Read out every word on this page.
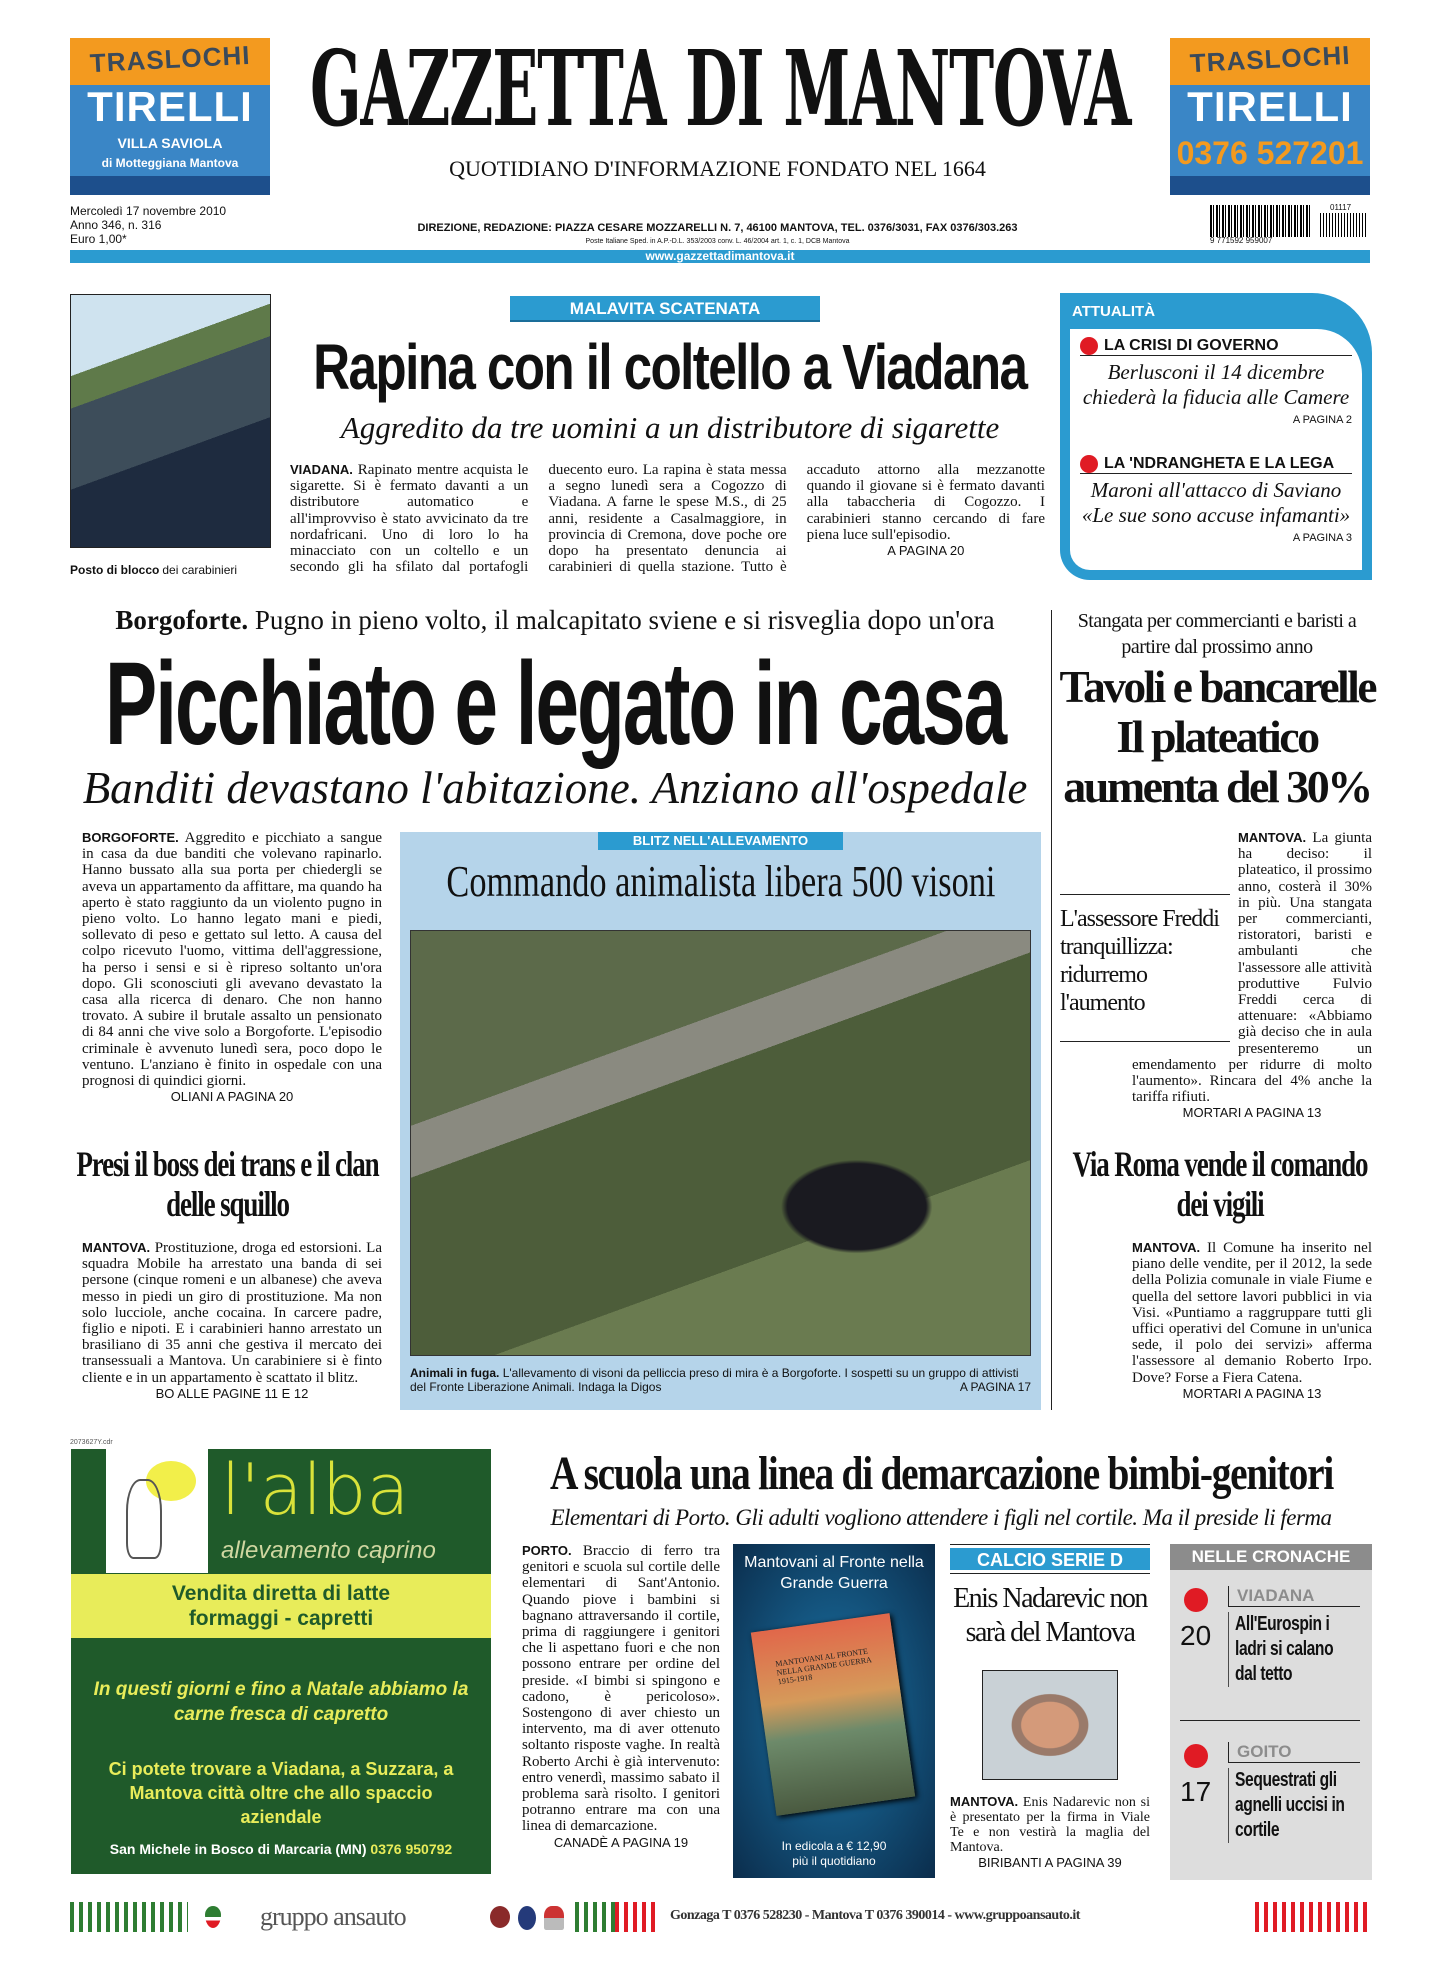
TRASLOCHI
TIRELLI
VILLA SAVIOLA
di Motteggiana Mantova
GAZZETTA DI MANTOVA
QUOTIDIANO D'INFORMAZIONE FONDATO NEL 1664
TRASLOCHI
TIRELLI
0376 527201
Mercoledì 17 novembre 2010
Anno 346, n. 316
Euro 1,00*
DIREZIONE, REDAZIONE: PIAZZA CESARE MOZZARELLI N. 7, 46100 MANTOVA, TEL. 0376/3031, FAX 0376/303.263
Poste Italiane Sped. in A.P.-D.L. 353/2003 conv. L. 46/2004 art. 1, c. 1, DCB Mantova	9 771592 959007
01117
www.gazzettadimantova.it
Posto di blocco dei carabinieri
MALAVITA SCATENATA
Rapina con il coltello a Viadana
Aggredito da tre uomini a un distributore di sigarette
VIADANA. Rapinato mentre acquista le sigarette. Si è fermato davanti a un distributore automatico e all'improvviso è stato avvicinato da tre nordafricani. Uno di loro lo ha minacciato con un coltello e un secondo gli ha sfilato dal portafogli duecento euro. La rapina è stata messa a segno lunedì sera a Cogozzo di Viadana. A farne le spese M.S., di 25 anni, residente a Casalmaggiore, in provincia di Cremona, dove poche ore dopo ha presentato denuncia ai carabinieri di quella stazione. Tutto è accaduto attorno alla mezzanotte quando il giovane si è fermato davanti alla tabaccheria di Cogozzo. I carabinieri stanno cercando di fare piena luce sull'episodio.
A PAGINA 20
ATTUALITÀ
LA CRISI DI GOVERNO
Berlusconi il 14 dicembre chiederà la fiducia alle Camere
A PAGINA 2
LA 'NDRANGHETA E LA LEGA
Maroni all'attacco di Saviano «Le sue sono accuse infamanti»
A PAGINA 3
Borgoforte. Pugno in pieno volto, il malcapitato sviene e si risveglia dopo un'ora
Picchiato e legato in casa
Banditi devastano l'abitazione. Anziano all'ospedale
BORGOFORTE. Aggredito e picchiato a sangue in casa da due banditi che volevano rapinarlo. Hanno bussato alla sua porta per chiedergli se aveva un appartamento da affittare, ma quando ha aperto è stato raggiunto da un violento pugno in pieno volto. Lo hanno legato mani e piedi, sollevato di peso e gettato sul letto. A causa del colpo ricevuto l'uomo, vittima dell'aggressione, ha perso i sensi e si è ripreso soltanto un'ora dopo. Gli sconosciuti gli avevano devastato la casa alla ricerca di denaro. Che non hanno trovato. A subire il brutale assalto un pensionato di 84 anni che vive solo a Borgoforte. L'episodio criminale è avvenuto lunedì sera, poco dopo le ventuno. L'anziano è finito in ospedale con una prognosi di quindici giorni.
OLIANI A PAGINA 20
BLITZ NELL'ALLEVAMENTO
Commando animalista libera 500 visoni
Animali in fuga. L'allevamento di visoni da pelliccia preso di mira è a Borgoforte. I sospetti su un gruppo di attivisti del Fronte Liberazione Animali. Indaga la Digos	A PAGINA 17
Stangata per commercianti e baristi a partire dal prossimo anno
Tavoli e bancarelle
Il plateatico
aumenta del 30%
L'assessore Freddi tranquillizza: ridurremo l'aumento
MANTOVA. La giunta ha deciso: il plateatico, il prossimo anno, costerà il 30% in più. Una stangata per commercianti, ristoratori, baristi e ambulanti che l'assessore alle attività produttive Fulvio Freddi cerca di attenuare: «Abbiamo già deciso che in aula presenteremo un emendamento per ridurre di molto l'aumento». Rincara del 4% anche la tariffa rifiuti.
MORTARI A PAGINA 13
Presi il boss dei trans e il clan delle squillo
MANTOVA. Prostituzione, droga ed estorsioni. La squadra Mobile ha arrestato una banda di sei persone (cinque romeni e un albanese) che aveva messo in piedi un giro di prostituzione. Ma non solo lucciole, anche cocaina. In carcere padre, figlio e nipoti. E i carabinieri hanno arrestato un brasiliano di 35 anni che gestiva il mercato dei transessuali a Mantova. Un carabiniere si è finto cliente e in un appartamento è scattato il blitz.
BO ALLE PAGINE 11 E 12
Via Roma vende il comando dei vigili
MANTOVA. Il Comune ha inserito nel piano delle vendite, per il 2012, la sede della Polizia comunale in viale Fiume e quella del settore lavori pubblici in via Visi. «Puntiamo a raggruppare tutti gli uffici operativi del Comune in un'unica sede, il polo dei servizi» afferma l'assessore al demanio Roberto Irpo. Dove? Forse a Fiera Catena.
MORTARI A PAGINA 13
2073627Y.cdr
l'alba
allevamento caprino
Vendita diretta di latte formaggi - capretti
In questi giorni e fino a Natale abbiamo la carne fresca di capretto
Ci potete trovare a Viadana, a Suzzara, a Mantova città oltre che allo spaccio aziendale
San Michele in Bosco di Marcaria (MN) 0376 950792
A scuola una linea di demarcazione bimbi-genitori
Elementari di Porto. Gli adulti vogliono attendere i figli nel cortile. Ma il preside li ferma
PORTO. Braccio di ferro tra genitori e scuola sul cortile delle elementari di Sant'Antonio. Quando piove i bambini si bagnano attraversando il cortile, prima di raggiungere i genitori che li aspettano fuori e che non possono entrare per ordine del preside. «I bimbi si spingono e cadono, è pericoloso». Sostengono di aver chiesto un intervento, ma di aver ottenuto soltanto risposte vaghe. In realtà Roberto Archi è già intervenuto: entro venerdì, massimo sabato il problema sarà risolto. I genitori potranno entrare ma con una linea di demarcazione.
CANADÈ A PAGINA 19
Mantovani al Fronte nella Grande Guerra
MANTOVANI AL FRONTE NELLA GRANDE GUERRA 1915-1918
In edicola a € 12,90
più il quotidiano
CALCIO SERIE D
Enis Nadarevic non sarà del Mantova
MANTOVA. Enis Nadarevic non si è presentato per la firma in Viale Te e non vestirà la maglia del Mantova.
BIRIBANTI A PAGINA 39
NELLE CRONACHE
VIADANA
20	All'Eurospin i ladri si calano dal tetto
GOITO
17	Sequestrati gli agnelli uccisi in cortile
gruppo ansauto	Gonzaga T 0376 528230 - Mantova T 0376 390014 - www.gruppoansauto.it
